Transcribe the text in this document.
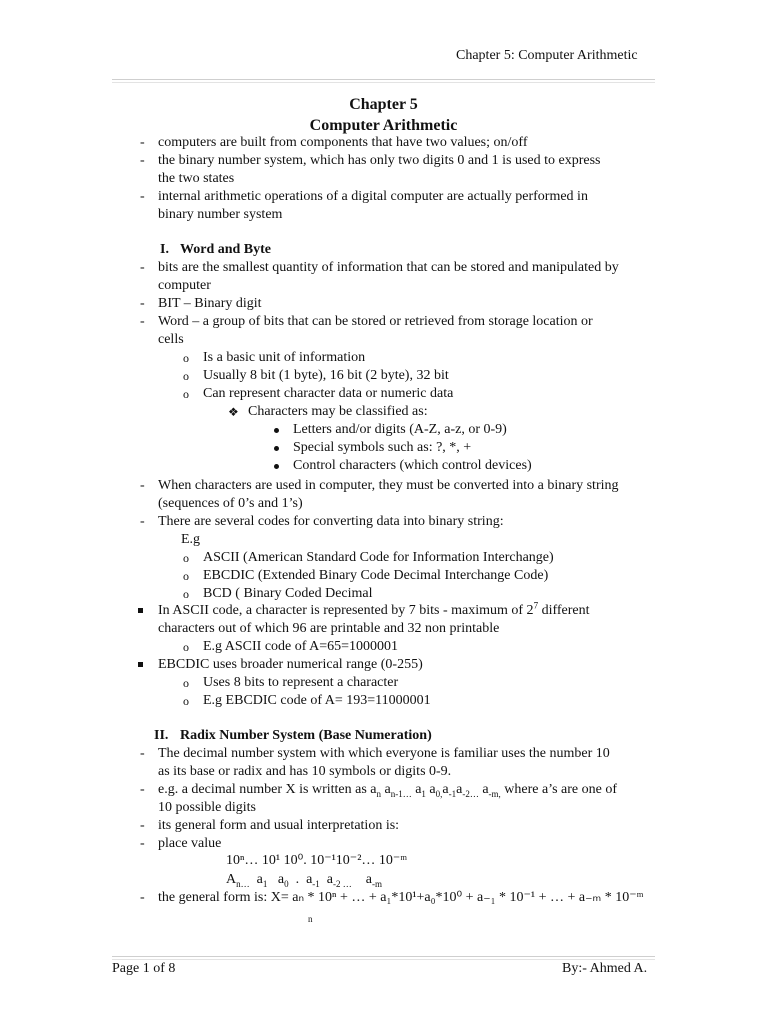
Chapter 5: Computer Arithmetic
Chapter 5
Computer Arithmetic
- computers are built from components that have two values; on/off
- the binary number system, which has only two digits 0 and 1 is used to express
the two states
- internal arithmetic operations of a digital computer are actually performed in
binary number system
I. Word and Byte
- bits are the smallest quantity of information that can be stored and manipulated by
computer
- BIT – Binary digit
- Word – a group of bits that can be stored or retrieved from storage location or
cells
o Is a basic unit of information
o Usually 8 bit (1 byte), 16 bit (2 byte), 32 bit
o Can represent character data or numeric data
❖ Characters may be classified as:
Letters and/or digits (A-Z, a-z, or 0-9)
Special symbols such as: ?, *, +
Control characters (which control devices)
- When characters are used in computer, they must be converted into a binary string
(sequences of 0’s and 1’s)
- There are several codes for converting data into binary string:
E.g
o ASCII (American Standard Code for Information Interchange)
o EBCDIC (Extended Binary Code Decimal Interchange Code)
o BCD ( Binary Coded Decimal
In ASCII code, a character is represented by 7 bits - maximum of $2^7$ different
characters out of which 96 are printable and 32 non printable
o E.g ASCII code of A=65=1000001
EBCDIC uses broader numerical range (0-255)
o Uses 8 bits to represent a character
o E.g EBCDIC code of A= 193=11000001
II. Radix Number System (Base Numeration)
- The decimal number system with which everyone is familiar uses the number 10
as its base or radix and has 10 symbols or digits 0-9.
- e.g. a decimal number X is written as $a_n$ $a_{n-1\dots}$ $a_1$ $a_{0,}a_{-1}a_{-2\dots}$ $a_{-m,}$ where a’s are one of
10 possible digits
- its general form and usual interpretation is:
- place value
10ⁿ… 10¹ 10⁰. 10⁻¹10⁻²… 10⁻ᵐ
$A_{n\dots}$ $a_1$ $a_0$ . $a_{-1}$ $a_{-2 \dots}$ $a_{-m}$
- the general form is: X= aₙ * 10ⁿ + … + a₁*10¹+a₀*10⁰ + a₋₁ * 10⁻¹ + … + a₋ₘ * 10⁻ᵐ
n
Page 1 of 8	By:- Ahmed A.
